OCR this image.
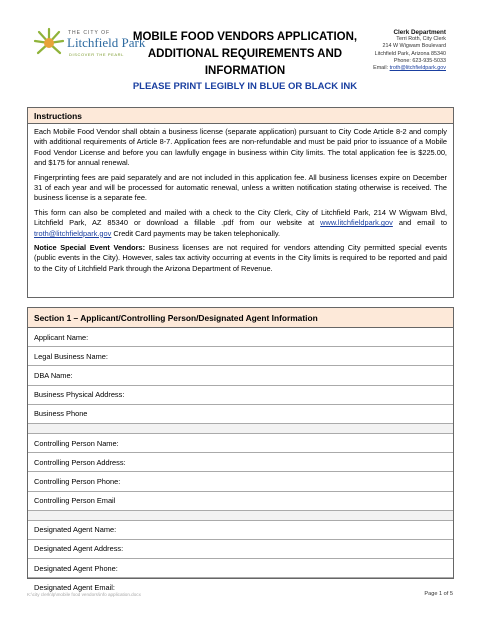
THE CITY OF
Litchfield Park
DISCOVER THE PEARL
MOBILE FOOD VENDORS APPLICATION,
ADDITIONAL REQUIREMENTS AND
INFORMATION
PLEASE PRINT LEGIBLY IN BLUE OR BLACK INK
Clerk Department
Terri Roth, City Clerk
214 W Wigwam Boulevard
Litchfield Park, Arizona 85340
Phone: 623-935-5033
Email: troth@litchfieldpark.gov
Instructions

Each Mobile Food Vendor shall obtain a business license (separate application) pursuant to City Code Article 8-2 and comply with additional requirements of Article 8-7. Application fees are non-refundable and must be paid prior to issuance of a Mobile Food Vendor License and before you can lawfully engage in business within City limits. The total application fee is $225.00, and $175 for annual renewal.

Fingerprinting fees are paid separately and are not included in this application fee. All business licenses expire on December 31 of each year and will be processed for automatic renewal, unless a written notification stating otherwise is received. The business license is a separate fee.

This form can also be completed and mailed with a check to the City Clerk, City of Litchfield Park, 214 W Wigwam Blvd, Litchfield Park, AZ 85340 or download a fillable .pdf from our website at www.litchfieldpark.gov and email to troth@litchfieldpark.gov Credit Card payments may be taken telephonically.

Notice Special Event Vendors: Business licenses are not required for vendors attending City permitted special events (public events in the City). However, sales tax activity occurring at events in the City limits is required to be reported and paid to the City of Litchfield Park through the Arizona Department of Revenue.

Section 1 – Applicant/Controlling Person/Designated Agent Information
Applicant Name:
Legal Business Name:
DBA Name:
Business Physical Address:
Business Phone
Controlling Person Name:
Controlling Person Address:
Controlling Person Phone:
Controlling Person Email
Designated Agent Name:
Designated Agent Address:
Designated Agent Phone:
Designated Agent Email:
K:\city clerk\lp\mobile food vendors\info application.docx	Page 1 of 5
